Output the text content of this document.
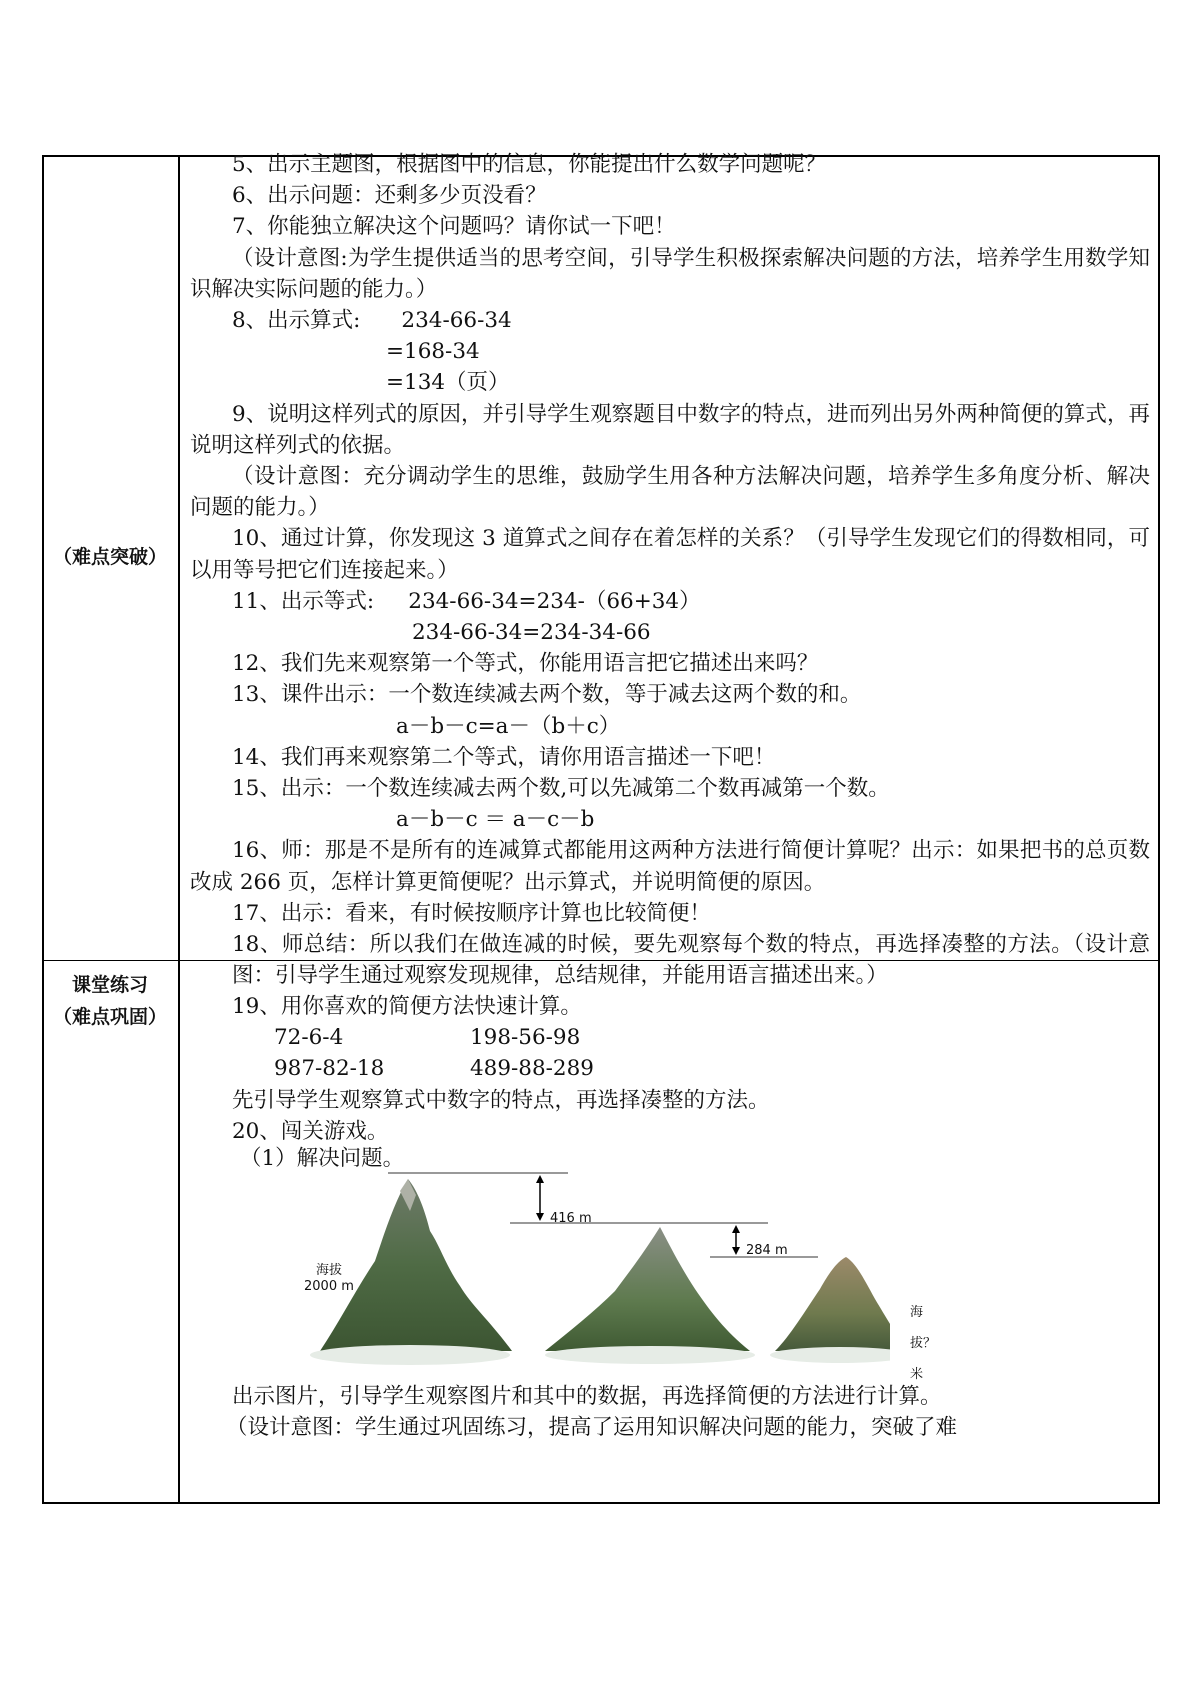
（难点突破）
5、出示主题图，根据图中的信息，你能提出什么数学问题呢？
6、出示问题：还剩多少页没看？
7、你能独立解决这个问题吗？请你试一下吧！
（设计意图:为学生提供适当的思考空间，引导学生积极探索解决问题的方法，培养学生用数学知识解决实际问题的能力。）
8、出示算式:      234-66-34
=168-34
=134（页）
9、说明这样列式的原因，并引导学生观察题目中数字的特点，进而列出另外两种简便的算式，再说明这样列式的依据。
（设计意图：充分调动学生的思维，鼓励学生用各种方法解决问题，培养学生多角度分析、解决问题的能力。）
10、通过计算，你发现这 3 道算式之间存在着怎样的关系？（引导学生发现它们的得数相同，可以用等号把它们连接起来。）
11、出示等式:     234-66-34=234-（66+34）
234-66-34=234-34-66
12、我们先来观察第一个等式，你能用语言把它描述出来吗？
13、课件出示：一个数连续减去两个数，等于减去这两个数的和。
a－b－c=a－（b＋c）
14、我们再来观察第二个等式，请你用语言描述一下吧！
15、出示：一个数连续减去两个数,可以先减第二个数再减第一个数。
a－b－c ＝ a－c－b
16、师：那是不是所有的连减算式都能用这两种方法进行简便计算呢？出示：如果把书的总页数改成 266 页，怎样计算更简便呢？出示算式，并说明简便的原因。
17、出示：看来，有时候按顺序计算也比较简便！
18、师总结：所以我们在做连减的时候，要先观察每个数的特点，再选择凑整的方法。（设计意图：引导学生通过观察发现规律，总结规律，并能用语言描述出来。）
课堂练习
（难点巩固）	19、用你喜欢的简便方法快速计算。
72-6-4	198-56-98
987-82-18	489-88-289
先引导学生观察算式中数字的特点，再选择凑整的方法。
20、闯关游戏。
（1）解决问题。
416 m
284 m
海拔
2000 m
海拔？米
出示图片，引导学生观察图片和其中的数据，再选择简便的方法进行计算。
（设计意图：学生通过巩固练习，提高了运用知识解决问题的能力，突破了难
